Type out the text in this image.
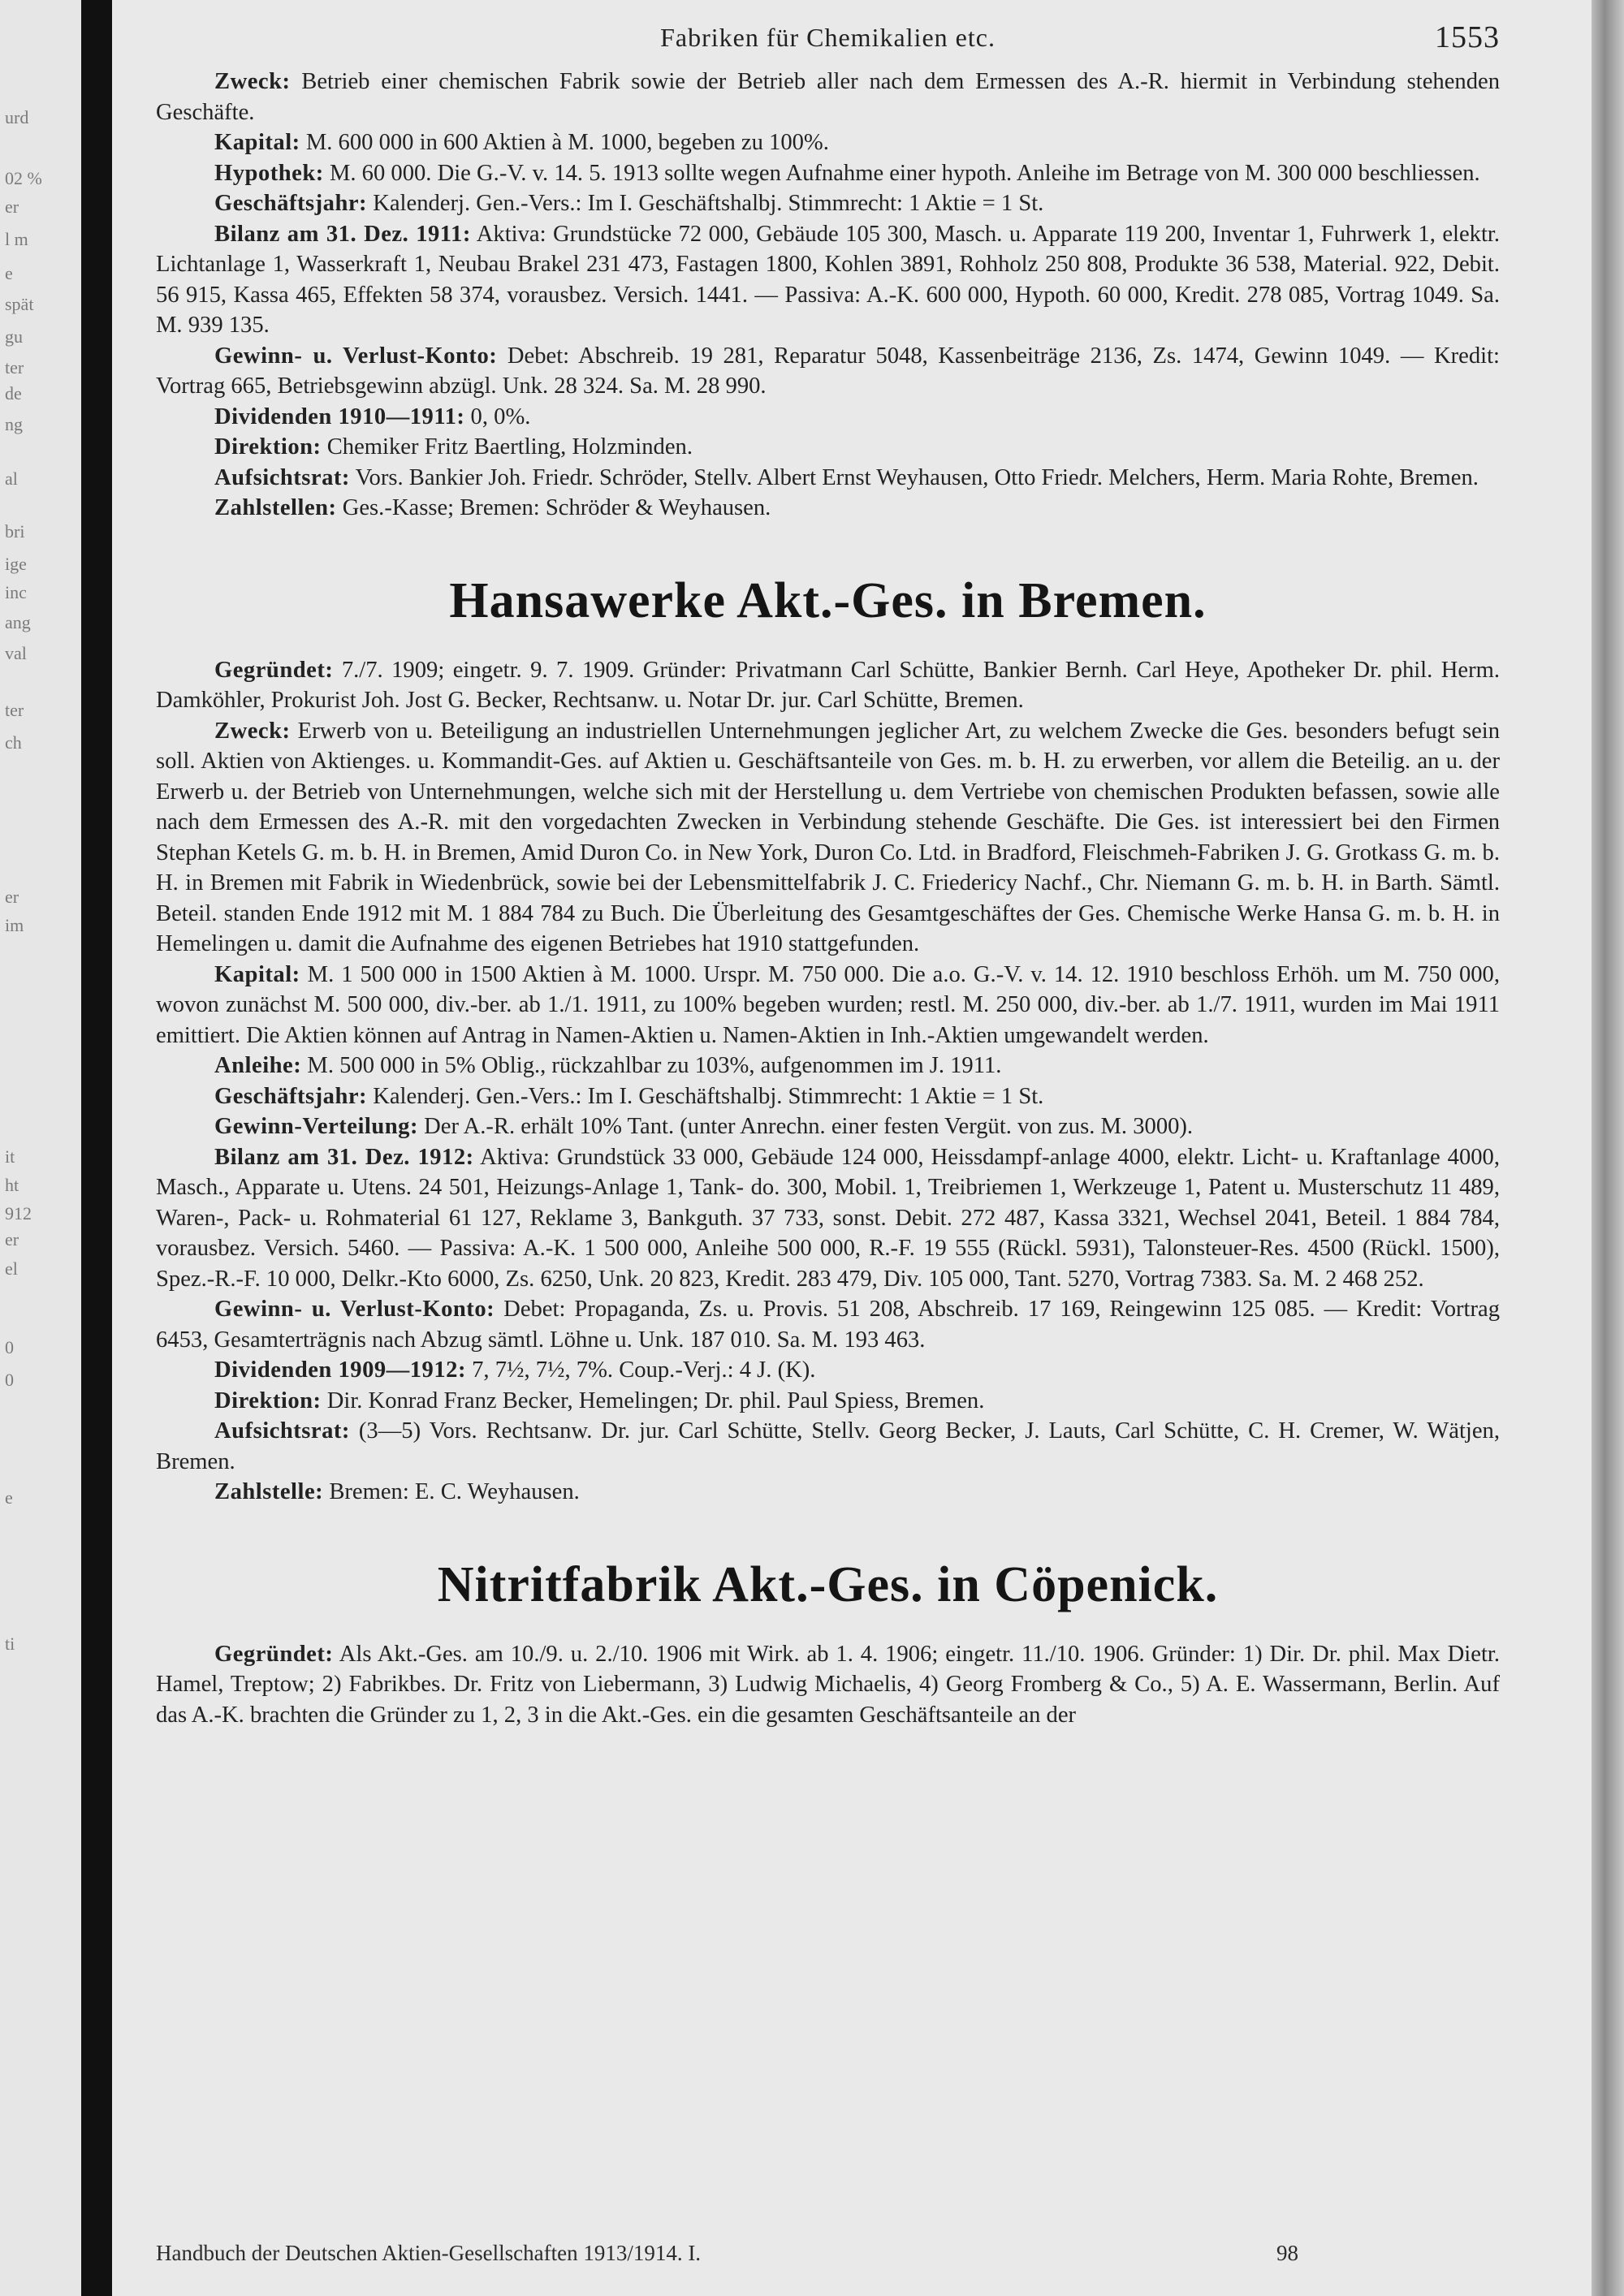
urd
02 %
er
l m
e
spät
gu
ter
de
ng
al
bri
ige
inc
ang
val
ter
ch
er
im
it
ht
912
er
el
0
0
e
ti
Fabriken für Chemikalien etc.	1553

Zweck: Betrieb einer chemischen Fabrik sowie der Betrieb aller nach dem Ermessen des A.-R. hiermit in Verbindung stehenden Geschäfte.

Kapital: M. 600 000 in 600 Aktien à M. 1000, begeben zu 100%.

Hypothek: M. 60 000. Die G.-V. v. 14. 5. 1913 sollte wegen Aufnahme einer hypoth. Anleihe im Betrage von M. 300 000 beschliessen.

Geschäftsjahr: Kalenderj. Gen.-Vers.: Im I. Geschäftshalbj. Stimmrecht: 1 Aktie = 1 St.

Bilanz am 31. Dez. 1911: Aktiva: Grundstücke 72 000, Gebäude 105 300, Masch. u. Apparate 119 200, Inventar 1, Fuhrwerk 1, elektr. Lichtanlage 1, Wasserkraft 1, Neubau Brakel 231 473, Fastagen 1800, Kohlen 3891, Rohholz 250 808, Produkte 36 538, Material. 922, Debit. 56 915, Kassa 465, Effekten 58 374, vorausbez. Versich. 1441. — Passiva: A.-K. 600 000, Hypoth. 60 000, Kredit. 278 085, Vortrag 1049. Sa. M. 939 135.

Gewinn- u. Verlust-Konto: Debet: Abschreib. 19 281, Reparatur 5048, Kassenbeiträge 2136, Zs. 1474, Gewinn 1049. — Kredit: Vortrag 665, Betriebsgewinn abzügl. Unk. 28 324. Sa. M. 28 990.

Dividenden 1910—1911: 0, 0%.

Direktion: Chemiker Fritz Baertling, Holzminden.

Aufsichtsrat: Vors. Bankier Joh. Friedr. Schröder, Stellv. Albert Ernst Weyhausen, Otto Friedr. Melchers, Herm. Maria Rohte, Bremen.

Zahlstellen: Ges.-Kasse; Bremen: Schröder & Weyhausen.

Hansawerke Akt.-Ges. in Bremen.

Gegründet: 7./7. 1909; eingetr. 9. 7. 1909. Gründer: Privatmann Carl Schütte, Bankier Bernh. Carl Heye, Apotheker Dr. phil. Herm. Damköhler, Prokurist Joh. Jost G. Becker, Rechtsanw. u. Notar Dr. jur. Carl Schütte, Bremen.

Zweck: Erwerb von u. Beteiligung an industriellen Unternehmungen jeglicher Art, zu welchem Zwecke die Ges. besonders befugt sein soll. Aktien von Aktienges. u. Kommandit-Ges. auf Aktien u. Geschäftsanteile von Ges. m. b. H. zu erwerben, vor allem die Beteilig. an u. der Erwerb u. der Betrieb von Unternehmungen, welche sich mit der Herstellung u. dem Vertriebe von chemischen Produkten befassen, sowie alle nach dem Ermessen des A.-R. mit den vorgedachten Zwecken in Verbindung stehende Geschäfte. Die Ges. ist interessiert bei den Firmen Stephan Ketels G. m. b. H. in Bremen, Amid Duron Co. in New York, Duron Co. Ltd. in Bradford, Fleischmeh-Fabriken J. G. Grotkass G. m. b. H. in Bremen mit Fabrik in Wiedenbrück, sowie bei der Lebensmittelfabrik J. C. Friedericy Nachf., Chr. Niemann G. m. b. H. in Barth. Sämtl. Beteil. standen Ende 1912 mit M. 1 884 784 zu Buch. Die Überleitung des Gesamtgeschäftes der Ges. Chemische Werke Hansa G. m. b. H. in Hemelingen u. damit die Aufnahme des eigenen Betriebes hat 1910 stattgefunden.

Kapital: M. 1 500 000 in 1500 Aktien à M. 1000. Urspr. M. 750 000. Die a.o. G.-V. v. 14. 12. 1910 beschloss Erhöh. um M. 750 000, wovon zunächst M. 500 000, div.-ber. ab 1./1. 1911, zu 100% begeben wurden; restl. M. 250 000, div.-ber. ab 1./7. 1911, wurden im Mai 1911 emittiert. Die Aktien können auf Antrag in Namen-Aktien u. Namen-Aktien in Inh.-Aktien umgewandelt werden.

Anleihe: M. 500 000 in 5% Oblig., rückzahlbar zu 103%, aufgenommen im J. 1911.

Geschäftsjahr: Kalenderj. Gen.-Vers.: Im I. Geschäftshalbj. Stimmrecht: 1 Aktie = 1 St.

Gewinn-Verteilung: Der A.-R. erhält 10% Tant. (unter Anrechn. einer festen Vergüt. von zus. M. 3000).

Bilanz am 31. Dez. 1912: Aktiva: Grundstück 33 000, Gebäude 124 000, Heissdampf-anlage 4000, elektr. Licht- u. Kraftanlage 4000, Masch., Apparate u. Utens. 24 501, Heizungs-Anlage 1, Tank- do. 300, Mobil. 1, Treibriemen 1, Werkzeuge 1, Patent u. Musterschutz 11 489, Waren-, Pack- u. Rohmaterial 61 127, Reklame 3, Bankguth. 37 733, sonst. Debit. 272 487, Kassa 3321, Wechsel 2041, Beteil. 1 884 784, vorausbez. Versich. 5460. — Passiva: A.-K. 1 500 000, Anleihe 500 000, R.-F. 19 555 (Rückl. 5931), Talonsteuer-Res. 4500 (Rückl. 1500), Spez.-R.-F. 10 000, Delkr.-Kto 6000, Zs. 6250, Unk. 20 823, Kredit. 283 479, Div. 105 000, Tant. 5270, Vortrag 7383. Sa. M. 2 468 252.

Gewinn- u. Verlust-Konto: Debet: Propaganda, Zs. u. Provis. 51 208, Abschreib. 17 169, Reingewinn 125 085. — Kredit: Vortrag 6453, Gesamterträgnis nach Abzug sämtl. Löhne u. Unk. 187 010. Sa. M. 193 463.

Dividenden 1909—1912: 7, 7½, 7½, 7%. Coup.-Verj.: 4 J. (K).

Direktion: Dir. Konrad Franz Becker, Hemelingen; Dr. phil. Paul Spiess, Bremen.

Aufsichtsrat: (3—5) Vors. Rechtsanw. Dr. jur. Carl Schütte, Stellv. Georg Becker, J. Lauts, Carl Schütte, C. H. Cremer, W. Wätjen, Bremen.

Zahlstelle: Bremen: E. C. Weyhausen.

Nitritfabrik Akt.-Ges. in Cöpenick.

Gegründet: Als Akt.-Ges. am 10./9. u. 2./10. 1906 mit Wirk. ab 1. 4. 1906; eingetr. 11./10. 1906. Gründer: 1) Dir. Dr. phil. Max Dietr. Hamel, Treptow; 2) Fabrikbes. Dr. Fritz von Liebermann, 3) Ludwig Michaelis, 4) Georg Fromberg & Co., 5) A. E. Wassermann, Berlin. Auf das A.-K. brachten die Gründer zu 1, 2, 3 in die Akt.-Ges. ein die gesamten Geschäftsanteile an der

Handbuch der Deutschen Aktien-Gesellschaften 1913/1914. I.	98
